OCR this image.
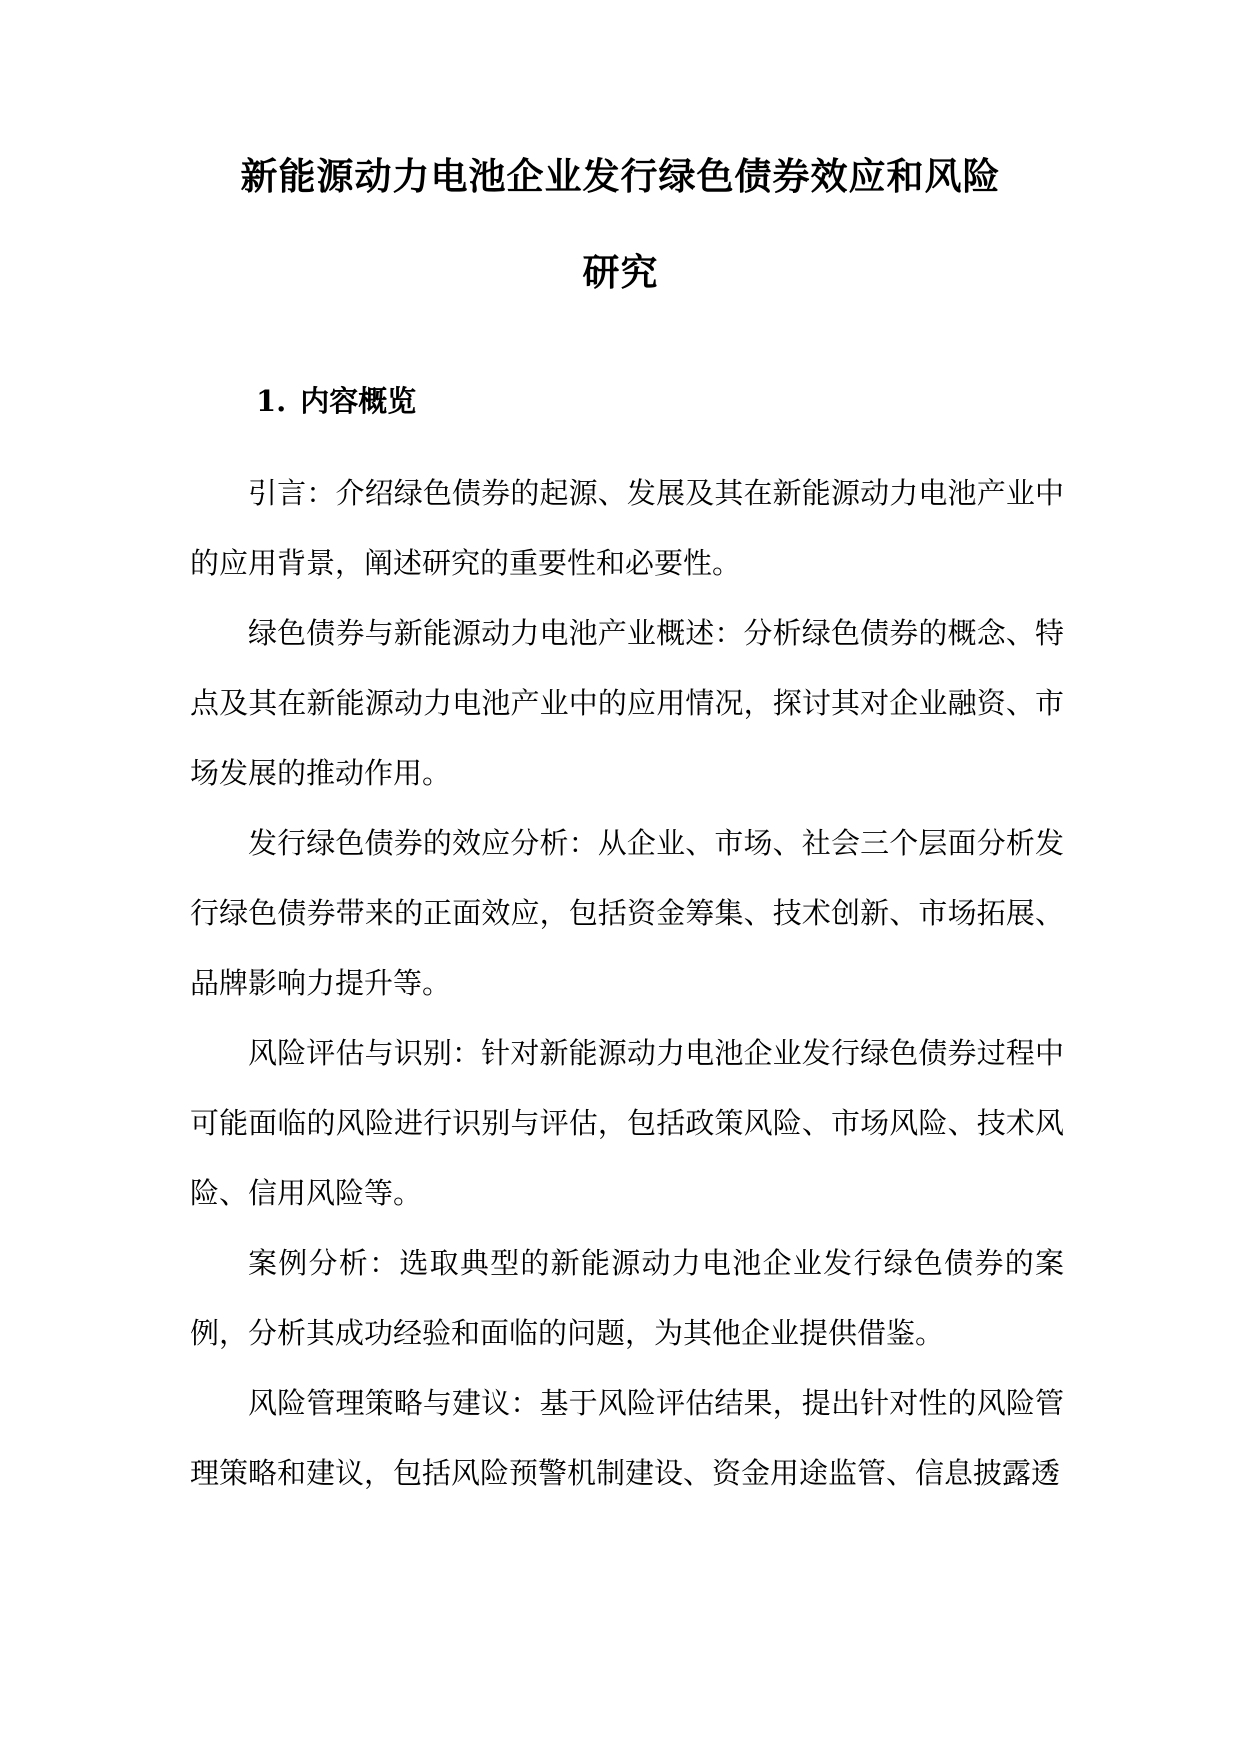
新能源动力电池企业发行绿色债券效应和风险
研究
1. 内容概览

引言：介绍绿色债券的起源、发展及其在新能源动力电池产业中的应用背景，阐述研究的重要性和必要性。

绿色债券与新能源动力电池产业概述：分析绿色债券的概念、特点及其在新能源动力电池产业中的应用情况，探讨其对企业融资、市场发展的推动作用。

发行绿色债券的效应分析：从企业、市场、社会三个层面分析发行绿色债券带来的正面效应，包括资金筹集、技术创新、市场拓展、品牌影响力提升等。

风险评估与识别：针对新能源动力电池企业发行绿色债券过程中可能面临的风险进行识别与评估，包括政策风险、市场风险、技术风险、信用风险等。

案例分析：选取典型的新能源动力电池企业发行绿色债券的案例，分析其成功经验和面临的问题，为其他企业提供借鉴。

风险管理策略与建议：基于风险评估结果，提出针对性的风险管理策略和建议，包括风险预警机制建设、资金用途监管、信息披露透
